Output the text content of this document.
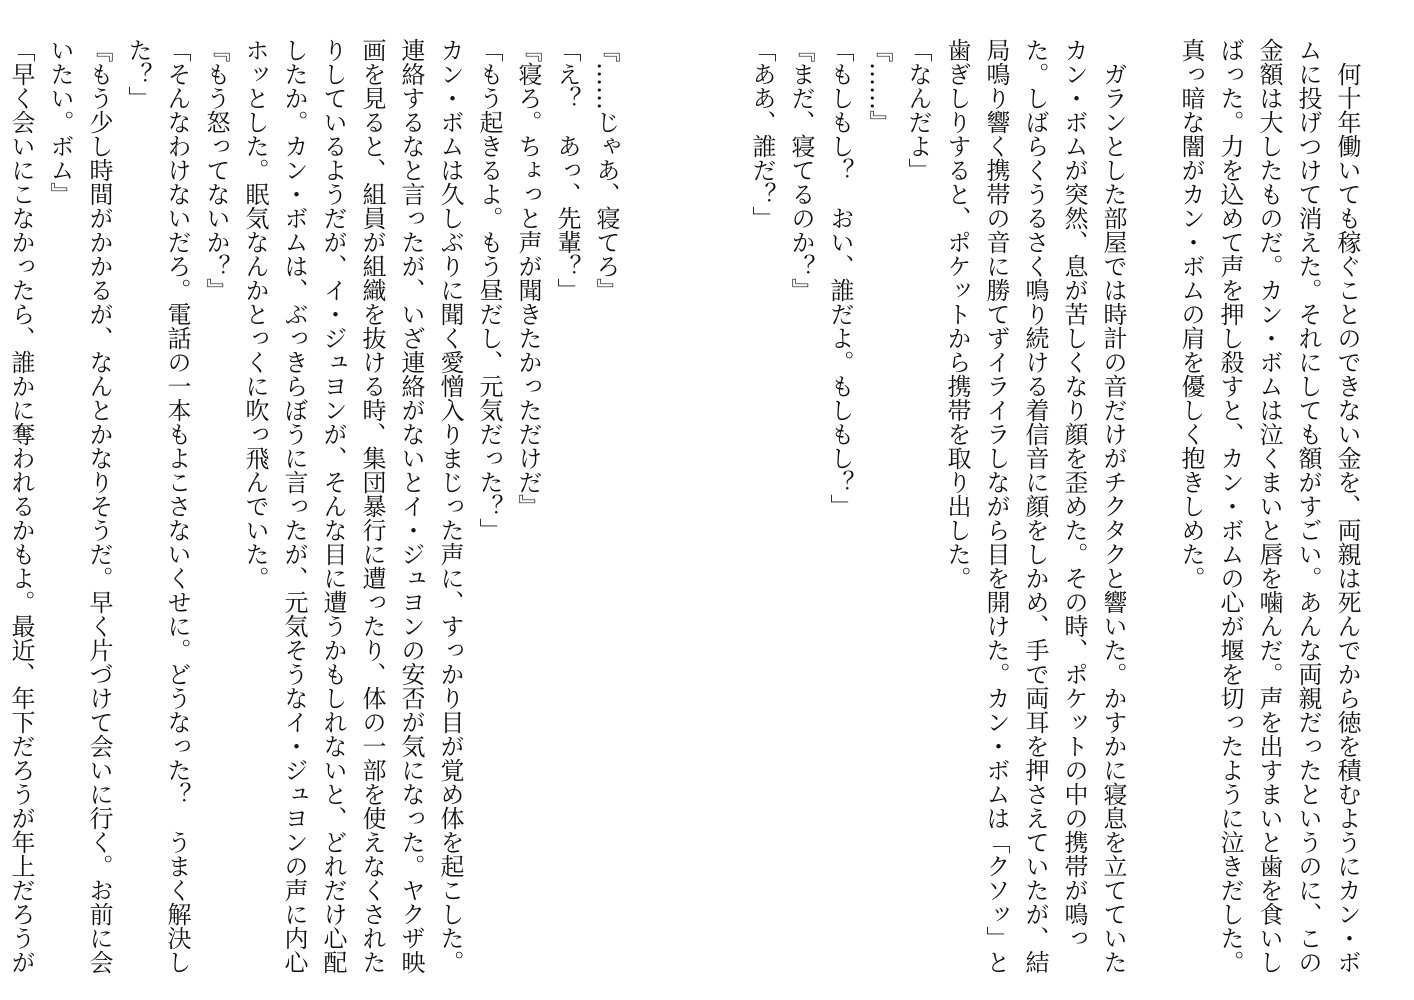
何十年働いても稼ぐことのできない金を、両親は死んでから徳を積むようにカン・ボムに投げつけて消えた。それにしても額がすごい。あんな両親だったというのに、この金額は大したものだ。カン・ボムは泣くまいと唇を噛んだ。声を出すまいと歯を食いしばった。力を込めて声を押し殺すと、カン・ボムの心が堰を切ったように泣きだした。真っ暗な闇がカン・ボムの肩を優しく抱きしめた。

ガランとした部屋では時計の音だけがチクタクと響いた。かすかに寝息を立てていたカン・ボムが突然、息が苦しくなり顔を歪めた。その時、ポケットの中の携帯が鳴った。しばらくうるさく鳴り続ける着信音に顔をしかめ、手で両耳を押さえていたが、結局鳴り響く携帯の音に勝てずイライラしながら目を開けた。カン・ボムは「クソッ」と歯ぎしりすると、ポケットから携帯を取り出した。

「なんだよ」

『……』

「もしもし？　おい、誰だよ。もしもし？」

『まだ、寝てるのか？』

「ああ、誰だ？」

『……じゃあ、寝てろ』

「え？　あっ、先輩？」

『寝ろ。ちょっと声が聞きたかっただけだ』

「もう起きるよ。もう昼だし、元気だった？」

カン・ボムは久しぶりに聞く愛憎入りまじった声に、すっかり目が覚め体を起こした。連絡するなと言ったが、いざ連絡がないとイ・ジュヨンの安否が気になった。ヤクザ映画を見ると、組員が組織を抜ける時、集団暴行に遭ったり、体の一部を使えなくされたりしているようだが、イ・ジュヨンが、そんな目に遭うかもしれないと、どれだけ心配したか。カン・ボムは、ぶっきらぼうに言ったが、元気そうなイ・ジュヨンの声に内心ホッとした。眠気なんかとっくに吹っ飛んでいた。

『もう怒ってないか？』

「そんなわけないだろ。電話の一本もよこさないくせに。どうなった？　うまく解決した？」

『もう少し時間がかかるが、なんとかなりそうだ。早く片づけて会いに行く。お前に会いたい。ボム』

「早く会いにこなかったら、誰かに奪われるかもよ。最近、年下だろうが年上だろうが
